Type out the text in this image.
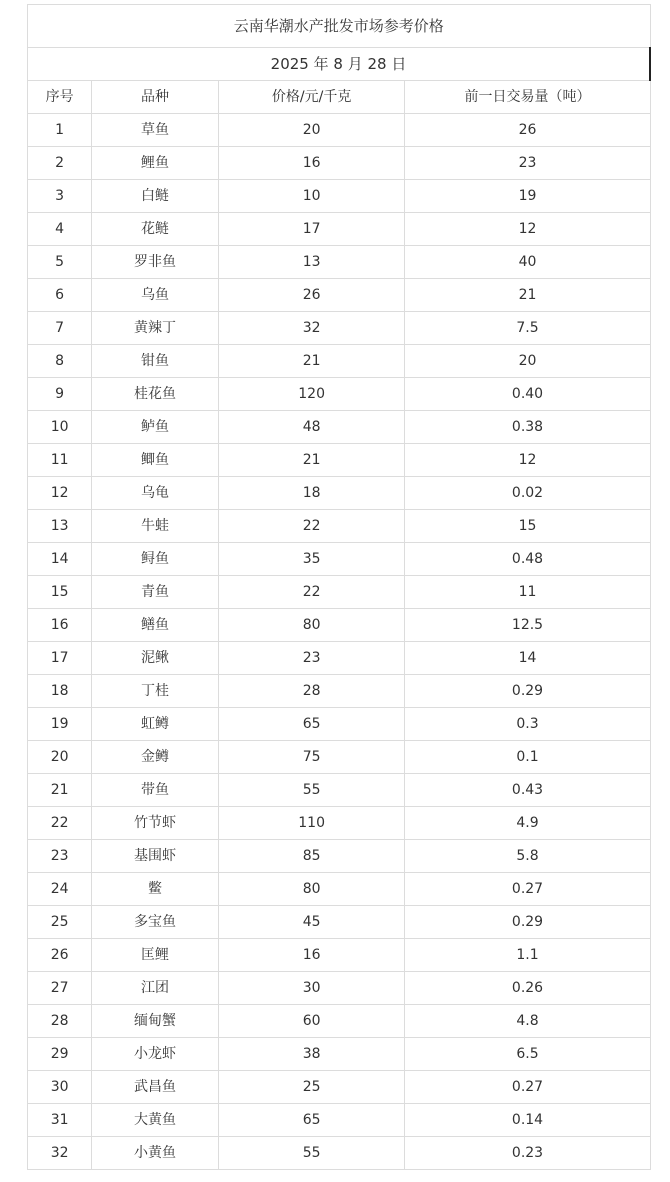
云南华潮水产批发市场参考价格			
2025 年 8 月 28 日			
序号	品种	价格/元/千克	前一日交易量（吨）
1	草鱼	20	26
2	鲤鱼	16	23
3	白鲢	10	19
4	花鲢	17	12
5	罗非鱼	13	40
6	乌鱼	26	21
7	黄辣丁	32	7.5
8	钳鱼	21	20
9	桂花鱼	120	0.40
10	鲈鱼	48	0.38
11	鲫鱼	21	12
12	乌龟	18	0.02
13	牛蛙	22	15
14	鲟鱼	35	0.48
15	青鱼	22	11
16	鳝鱼	80	12.5
17	泥鳅	23	14
18	丁桂	28	0.29
19	虹鳟	65	0.3
20	金鳟	75	0.1
21	带鱼	55	0.43
22	竹节虾	110	4.9
23	基围虾	85	5.8
24	鳖	80	0.27
25	多宝鱼	45	0.29
26	匡鲤	16	1.1
27	江团	30	0.26
28	缅甸蟹	60	4.8
29	小龙虾	38	6.5
30	武昌鱼	25	0.27
31	大黄鱼	65	0.14
32	小黄鱼	55	0.23
